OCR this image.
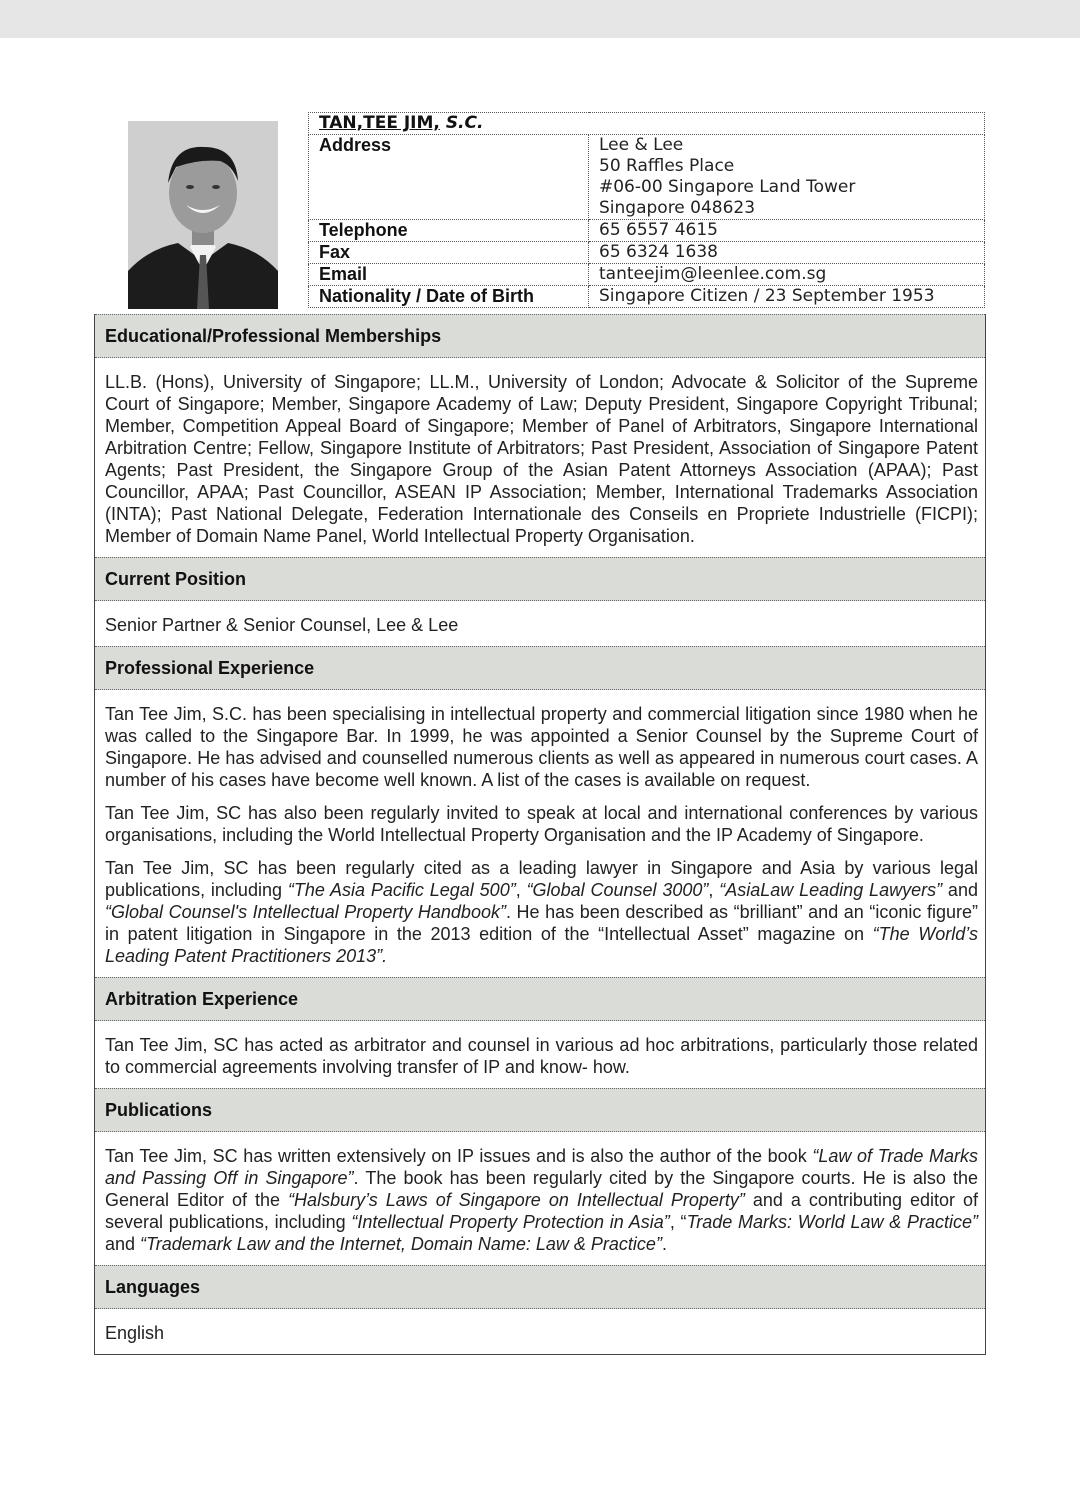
TAN,TEE JIM, S.C.	
Address	Lee & Lee
50 Raffles Place
#06-00 Singapore Land Tower
Singapore 048623

Telephone	65 6557 4615
Fax	65 6324 1638
Email	tanteejim@leenlee.com.sg
Nationality / Date of Birth	Singapore Citizen / 23 September 1953
Educational/Professional Memberships

LL.B. (Hons), University of Singapore; LL.M., University of London; Advocate & Solicitor of the Supreme Court of Singapore; Member, Singapore Academy of Law; Deputy President, Singapore Copyright Tribunal; Member, Competition Appeal Board of Singapore; Member of Panel of Arbitrators, Singapore International Arbitration Centre; Fellow, Singapore Institute of Arbitrators; Past President, Association of Singapore Patent Agents; Past President, the Singapore Group of the Asian Patent Attorneys Association (APAA); Past Councillor, APAA; Past Councillor, ASEAN IP Association; Member, International Trademarks Association (INTA); Past National Delegate, Federation Internationale des Conseils en Propriete Industrielle (FICPI); Member of Domain Name Panel, World Intellectual Property Organisation.

Current Position

Senior Partner & Senior Counsel, Lee & Lee

Professional Experience

Tan Tee Jim, S.C. has been specialising in intellectual property and commercial litigation since 1980 when he was called to the Singapore Bar. In 1999, he was appointed a Senior Counsel by the Supreme Court of Singapore. He has advised and counselled numerous clients as well as appeared in numerous court cases. A number of his cases have become well known. A list of the cases is available on request.

Tan Tee Jim, SC has also been regularly invited to speak at local and international conferences by various organisations, including the World Intellectual Property Organisation and the IP Academy of Singapore.

Tan Tee Jim, SC has been regularly cited as a leading lawyer in Singapore and Asia by various legal publications, including “The Asia Pacific Legal 500”, “Global Counsel 3000”, “AsiaLaw Leading Lawyers” and “Global Counsel's Intellectual Property Handbook”. He has been described as “brilliant” and an “iconic figure” in patent litigation in Singapore in the 2013 edition of the “Intellectual Asset” magazine on “The World’s Leading Patent Practitioners 2013”.

Arbitration Experience

Tan Tee Jim, SC has acted as arbitrator and counsel in various ad hoc arbitrations, particularly those related to commercial agreements involving transfer of IP and know- how.

Publications

Tan Tee Jim, SC has written extensively on IP issues and is also the author of the book “Law of Trade Marks and Passing Off in Singapore”. The book has been regularly cited by the Singapore courts. He is also the General Editor of the “Halsbury’s Laws of Singapore on Intellectual Property” and a contributing editor of several publications, including “Intellectual Property Protection in Asia”, “Trade Marks: World Law & Practice” and “Trademark Law and the Internet, Domain Name: Law & Practice”.

Languages

English
